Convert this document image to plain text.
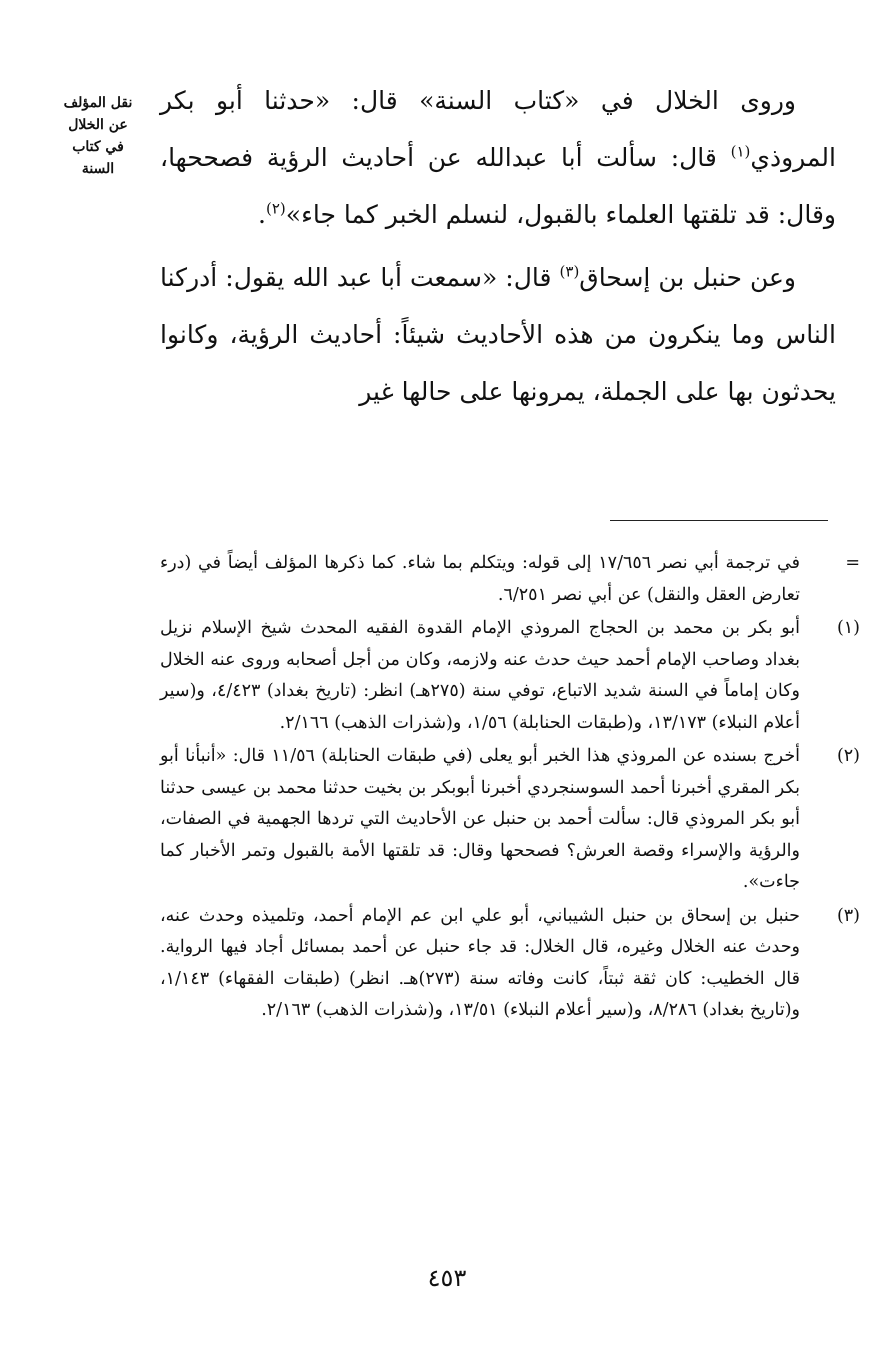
نقل المؤلف
عن الخلال
في كتاب
السنة

وروى الخلال في «كتاب السنة» قال: «حدثنا أبو بكر المروذي$^{(١)}$ قال: سألت أبا عبدالله عن أحاديث الرؤية فصححها، وقال: قد تلقتها العلماء بالقبول، لنسلم الخبر كما جاء»$^{(٢)}$.

وعن حنبل بن إسحاق$^{(٣)}$ قال: «سمعت أبا عبد الله يقول: أدركنا الناس وما ينكرون من هذه الأحاديث شيئاً: أحاديث الرؤية، وكانوا يحدثون بها على الجملة، يمرونها على حالها غير

=
في ترجمة أبي نصر ١٧/٦٥٦ إلى قوله: ويتكلم بما شاء. كما ذكرها المؤلف أيضاً في (درء تعارض العقل والنقل) عن أبي نصر ٦/٢٥١.
(١)
أبو بكر بن محمد بن الحجاج المروذي الإمام القدوة الفقيه المحدث شيخ الإسلام نزيل بغداد وصاحب الإمام أحمد حيث حدث عنه ولازمه، وكان من أجل أصحابه وروى عنه الخلال وكان إماماً في السنة شديد الاتباع، توفي سنة (٢٧٥هـ) انظر: (تاريخ بغداد) ٤/٤٢٣، و(سير أعلام النبلاء) ١٣/١٧٣، و(طبقات الحنابلة) ١/٥٦، و(شذرات الذهب) ٢/١٦٦.
(٢)
أخرج بسنده عن المروذي هذا الخبر أبو يعلى (في طبقات الحنابلة) ١١/٥٦ قال: «أنبأنا أبو بكر المقري أخبرنا أحمد السوسنجردي أخبرنا أبوبكر بن بخيت حدثنا محمد بن عيسى حدثنا أبو بكر المروذي قال: سألت أحمد بن حنبل عن الأحاديث التي تردها الجهمية في الصفات، والرؤية والإسراء وقصة العرش؟ فصححها وقال: قد تلقتها الأمة بالقبول وتمر الأخبار كما جاءت».
(٣)
حنبل بن إسحاق بن حنبل الشيباني، أبو علي ابن عم الإمام أحمد، وتلميذه وحدث عنه، وحدث عنه الخلال وغيره، قال الخلال: قد جاء حنبل عن أحمد بمسائل أجاد فيها الرواية. قال الخطيب: كان ثقة ثبتاً، كانت وفاته سنة (٢٧٣)هـ. انظر) (طبقات الفقهاء) ١/١٤٣، و(تاريخ بغداد) ٨/٢٨٦، و(سير أعلام النبلاء) ١٣/٥١، و(شذرات الذهب) ٢/١٦٣.
٤٥٣
